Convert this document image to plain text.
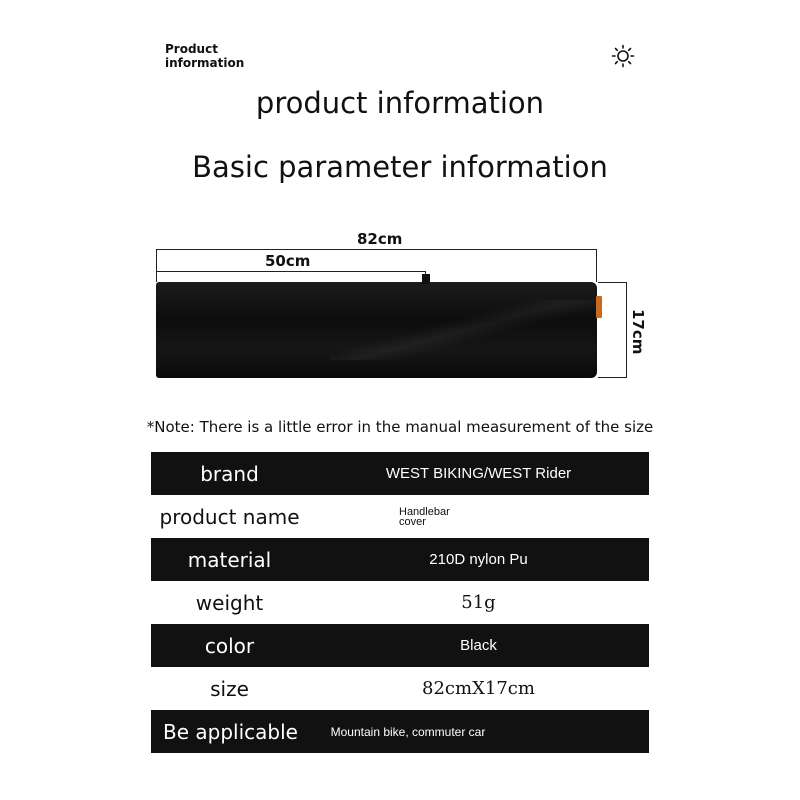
Product
information
product information
Basic parameter information
82cm
50cm
17cm
*Note: There is a little error in the manual measurement of the size
brand	WEST BIKING/WEST Rider
product name	Handlebar
cover
material	210D nylon Pu
weight	51g
color	Black
size	82cmX17cm
Be applicable	Mountain bike, commuter car
